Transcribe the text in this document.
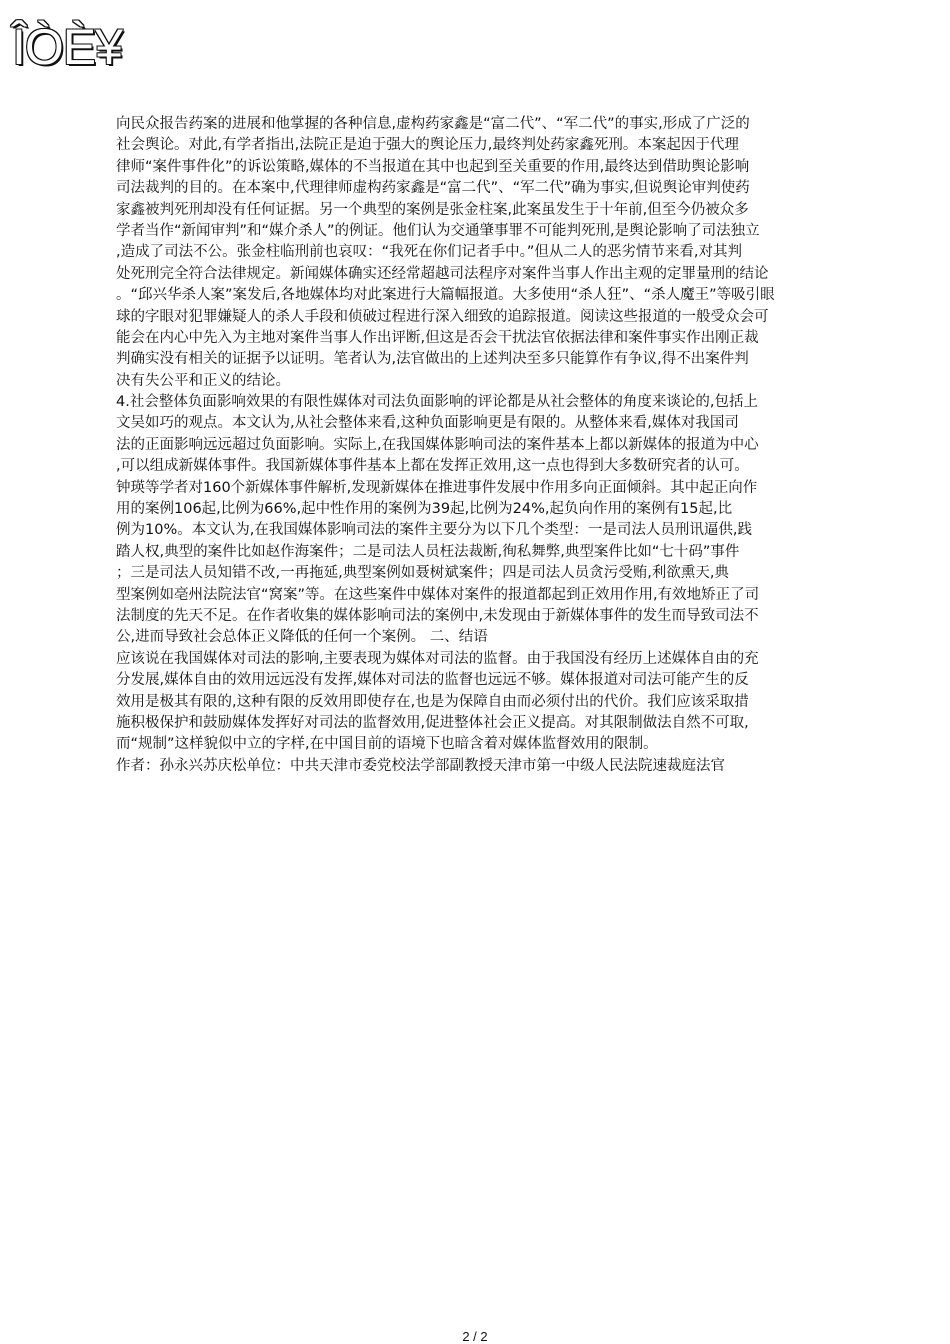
ÎÒÈ¥
向民众报告药案的进展和他掌握的各种信息,虚构药家鑫是“富二代”、“军二代”的事实,形成了广泛的
社会舆论。对此,有学者指出,法院正是迫于强大的舆论压力,最终判处药家鑫死刑。本案起因于代理
律师“案件事件化”的诉讼策略,媒体的不当报道在其中也起到至关重要的作用,最终达到借助舆论影响
司法裁判的目的。在本案中,代理律师虚构药家鑫是“富二代”、“军二代”确为事实,但说舆论审判使药
家鑫被判死刑却没有任何证据。另一个典型的案例是张金柱案,此案虽发生于十年前,但至今仍被众多
学者当作“新闻审判”和“媒介杀人”的例证。他们认为交通肇事罪不可能判死刑,是舆论影响了司法独立
,造成了司法不公。张金柱临刑前也哀叹：“我死在你们记者手中。”但从二人的恶劣情节来看,对其判
处死刑完全符合法律规定。新闻媒体确实还经常超越司法程序对案件当事人作出主观的定罪量刑的结论
。“邱兴华杀人案”案发后,各地媒体均对此案进行大篇幅报道。大多使用“杀人狂”、“杀人魔王”等吸引眼
球的字眼对犯罪嫌疑人的杀人手段和侦破过程进行深入细致的追踪报道。阅读这些报道的一般受众会可
能会在内心中先入为主地对案件当事人作出评断,但这是否会干扰法官依据法律和案件事实作出刚正裁
判确实没有相关的证据予以证明。笔者认为,法官做出的上述判决至多只能算作有争议,得不出案件判
决有失公平和正义的结论。
4.社会整体负面影响效果的有限性媒体对司法负面影响的评论都是从社会整体的角度来谈论的,包括上
文吴如巧的观点。本文认为,从社会整体来看,这种负面影响更是有限的。从整体来看,媒体对我国司
法的正面影响远远超过负面影响。实际上,在我国媒体影响司法的案件基本上都以新媒体的报道为中心
,可以组成新媒体事件。我国新媒体事件基本上都在发挥正效用,这一点也得到大多数研究者的认可。
钟瑛等学者对160个新媒体事件解析,发现新媒体在推进事件发展中作用多向正面倾斜。其中起正向作
用的案例106起,比例为66%,起中性作用的案例为39起,比例为24%,起负向作用的案例有15起,比
例为10%。本文认为,在我国媒体影响司法的案件主要分为以下几个类型：一是司法人员刑讯逼供,践
踏人权,典型的案件比如赵作海案件；二是司法人员枉法裁断,徇私舞弊,典型案件比如“七十码”事件
；三是司法人员知错不改,一再拖延,典型案例如聂树斌案件；四是司法人员贪污受贿,利欲熏天,典
型案例如亳州法院法官“窝案”等。在这些案件中媒体对案件的报道都起到正效用作用,有效地矫正了司
法制度的先天不足。在作者收集的媒体影响司法的案例中,未发现由于新媒体事件的发生而导致司法不
公,进而导致社会总体正义降低的任何一个案例。 二、结语
应该说在我国媒体对司法的影响,主要表现为媒体对司法的监督。由于我国没有经历上述媒体自由的充
分发展,媒体自由的效用远远没有发挥,媒体对司法的监督也远远不够。媒体报道对司法可能产生的反
效用是极其有限的,这种有限的反效用即使存在,也是为保障自由而必须付出的代价。我们应该采取措
施积极保护和鼓励媒体发挥好对司法的监督效用,促进整体社会正义提高。对其限制做法自然不可取,
而“规制”这样貌似中立的字样,在中国目前的语境下也暗含着对媒体监督效用的限制。
作者：孙永兴苏庆松单位：中共天津市委党校法学部副教授天津市第一中级人民法院速裁庭法官
2 / 2
